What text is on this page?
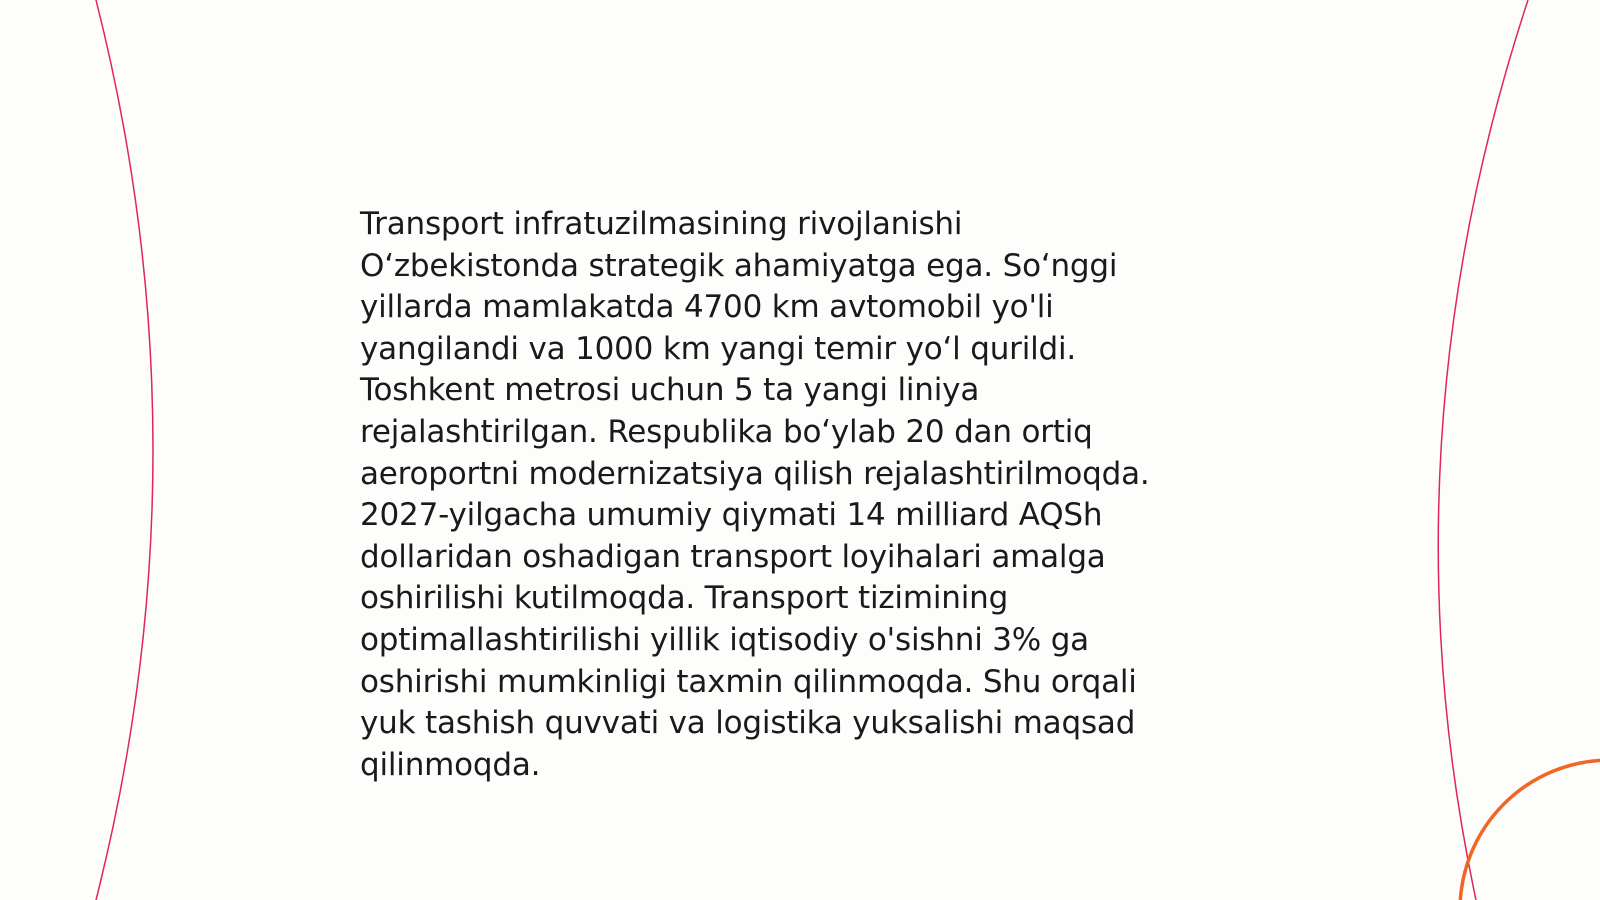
Transport infratuzilmasining rivojlanishi
O‘zbekistonda strategik ahamiyatga ega. So‘nggi
yillarda mamlakatda 4700 km avtomobil yo'li
yangilandi va 1000 km yangi temir yo‘l qurildi.
Toshkent metrosi uchun 5 ta yangi liniya
rejalashtirilgan. Respublika bo‘ylab 20 dan ortiq
aeroportni modernizatsiya qilish rejalashtirilmoqda.
2027-yilgacha umumiy qiymati 14 milliard AQSh
dollaridan oshadigan transport loyihalari amalga
oshirilishi kutilmoqda. Transport tizimining
optimallashtirilishi yillik iqtisodiy o'sishni 3% ga
oshirishi mumkinligi taxmin qilinmoqda. Shu orqali
yuk tashish quvvati va logistika yuksalishi maqsad
qilinmoqda.
